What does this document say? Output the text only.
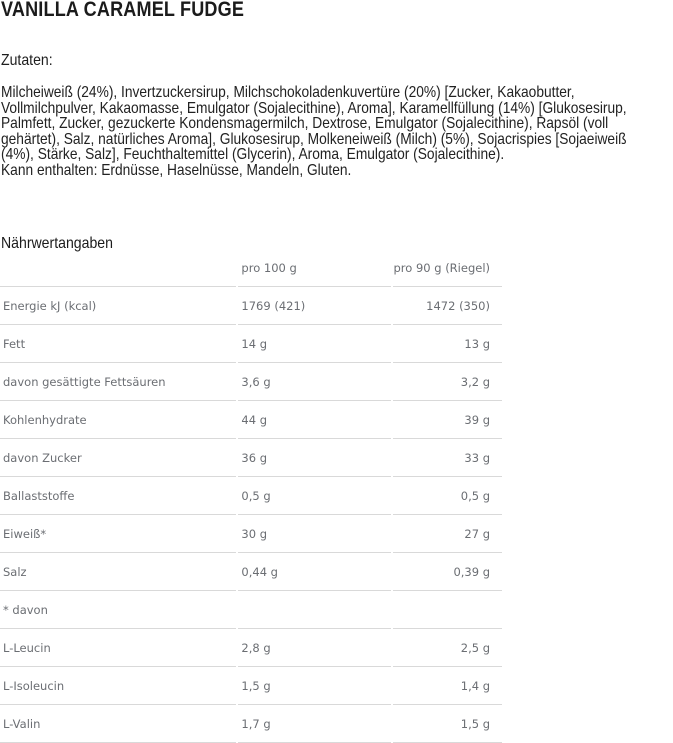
VANILLA CARAMEL FUDGE
Zutaten:

Milcheiweiß (24%), Invertzuckersirup, Milchschokoladenkuvertüre (20%) [Zucker, Kakaobutter, Vollmilchpulver, Kakaomasse, Emulgator (Sojalecithine), Aroma], Karamellfüllung (14%) [Glukosesirup, Palmfett, Zucker, gezuckerte Kondensmagermilch, Dextrose, Emulgator (Sojalecithine), Rapsöl (voll gehärtet), Salz, natürliches Aroma], Glukosesirup, Molkeneiweiß (Milch) (5%), Sojacrispies [Sojaeiweiß (4%), Stärke, Salz], Feuchthaltemittel (Glycerin), Aroma, Emulgator (Sojalecithine).

Kann enthalten: Erdnüsse, Haselnüsse, Mandeln, Gluten.

Nährwertangaben
	pro 100 g	pro 90 g (Riegel)
Energie kJ (kcal)	1769 (421)	1472 (350)
Fett	14 g	13 g
davon gesättigte Fettsäuren	3,6 g	3,2 g
Kohlenhydrate	44 g	39 g
davon Zucker	36 g	33 g
Ballaststoffe	0,5 g	0,5 g
Eiweiß*	30 g	27 g
Salz	0,44 g	0,39 g
* davon		
L-Leucin	2,8 g	2,5 g
L-Isoleucin	1,5 g	1,4 g
L-Valin	1,7 g	1,5 g
